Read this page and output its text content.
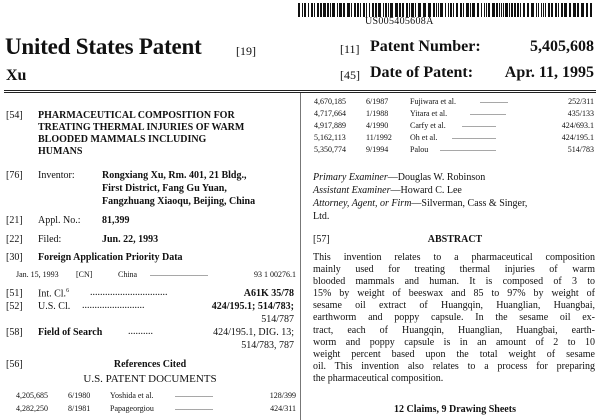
US005405608A
United States Patent	[19]
Xu
[11] Patent Number:	5,405,608
[45] Date of Patent:	Apr. 11, 1995
[54] PHARMACEUTICAL COMPOSITION FOR
TREATING THERMAL INJURIES OF WARM
BLOODED MAMMALS INCLUDING
HUMANS
[76] Inventor:	Rongxiang Xu, Rm. 401, 21 Bldg.,
First District, Fang Gu Yuan,
Fangzhuang Xiaoqu, Beijing, China
[21] Appl. No.: 81,399
[22] Filed:	Jun. 22, 1993
[30] Foreign Application Priority Data
Jan. 15, 1993 [CN]	China .............................	93 1 00276.1
[51] Int. Cl.$^6$ ...............................	A61K 35/78
[52] U.S. Cl. .........................	424/195.1; 514/783;
514/787
[58] Field of Search	..........	424/195.1, DIG. 13;
514/783, 787
[56]	References Cited
U.S. PATENT DOCUMENTS
4,205,685	6/1980 Yoshida et al.	...................	128/399
4,282,250	8/1981 Papageorgiou	...................	424/311
4,670,185	6/1987	Fujiwara et al.	..............	252/311
4,717,664	1/1988	Yitara et al.	..................	435/133
4,917,889	4/1990	Carfy et al. .................	424/693.1
5,162,113	11/1992 Oh et al. ......................	424/195.1
5,350,774	9/1994	Palou ............................	514/783
Primary Examiner—Douglas W. Robinson
Assistant Examiner—Howard C. Lee
Attorney, Agent, or Firm—Silverman, Cass & Singer,
Ltd.
[57]	ABSTRACT
This invention relates to a pharmaceutical composition
mainly used for treating thermal injuries of warm
blooded mammals and human. It is composed of 3 to
15% by weight of beeswax and 85 to 97% by weight of
sesame oil extract of Huangqin, Huanglian, Huangbai,
earthworm and poppy capsule. In the sesame oil ex-
tract, each of Huangqin, Huanglian, Huangbai, earth-
worm and poppy capsule is in an amount of 2 to 10
weight percent based upon the total weight of sesame
oil. This invention also relates to a process for preparing
the pharmaceutical composition.
12 Claims, 9 Drawing Sheets
